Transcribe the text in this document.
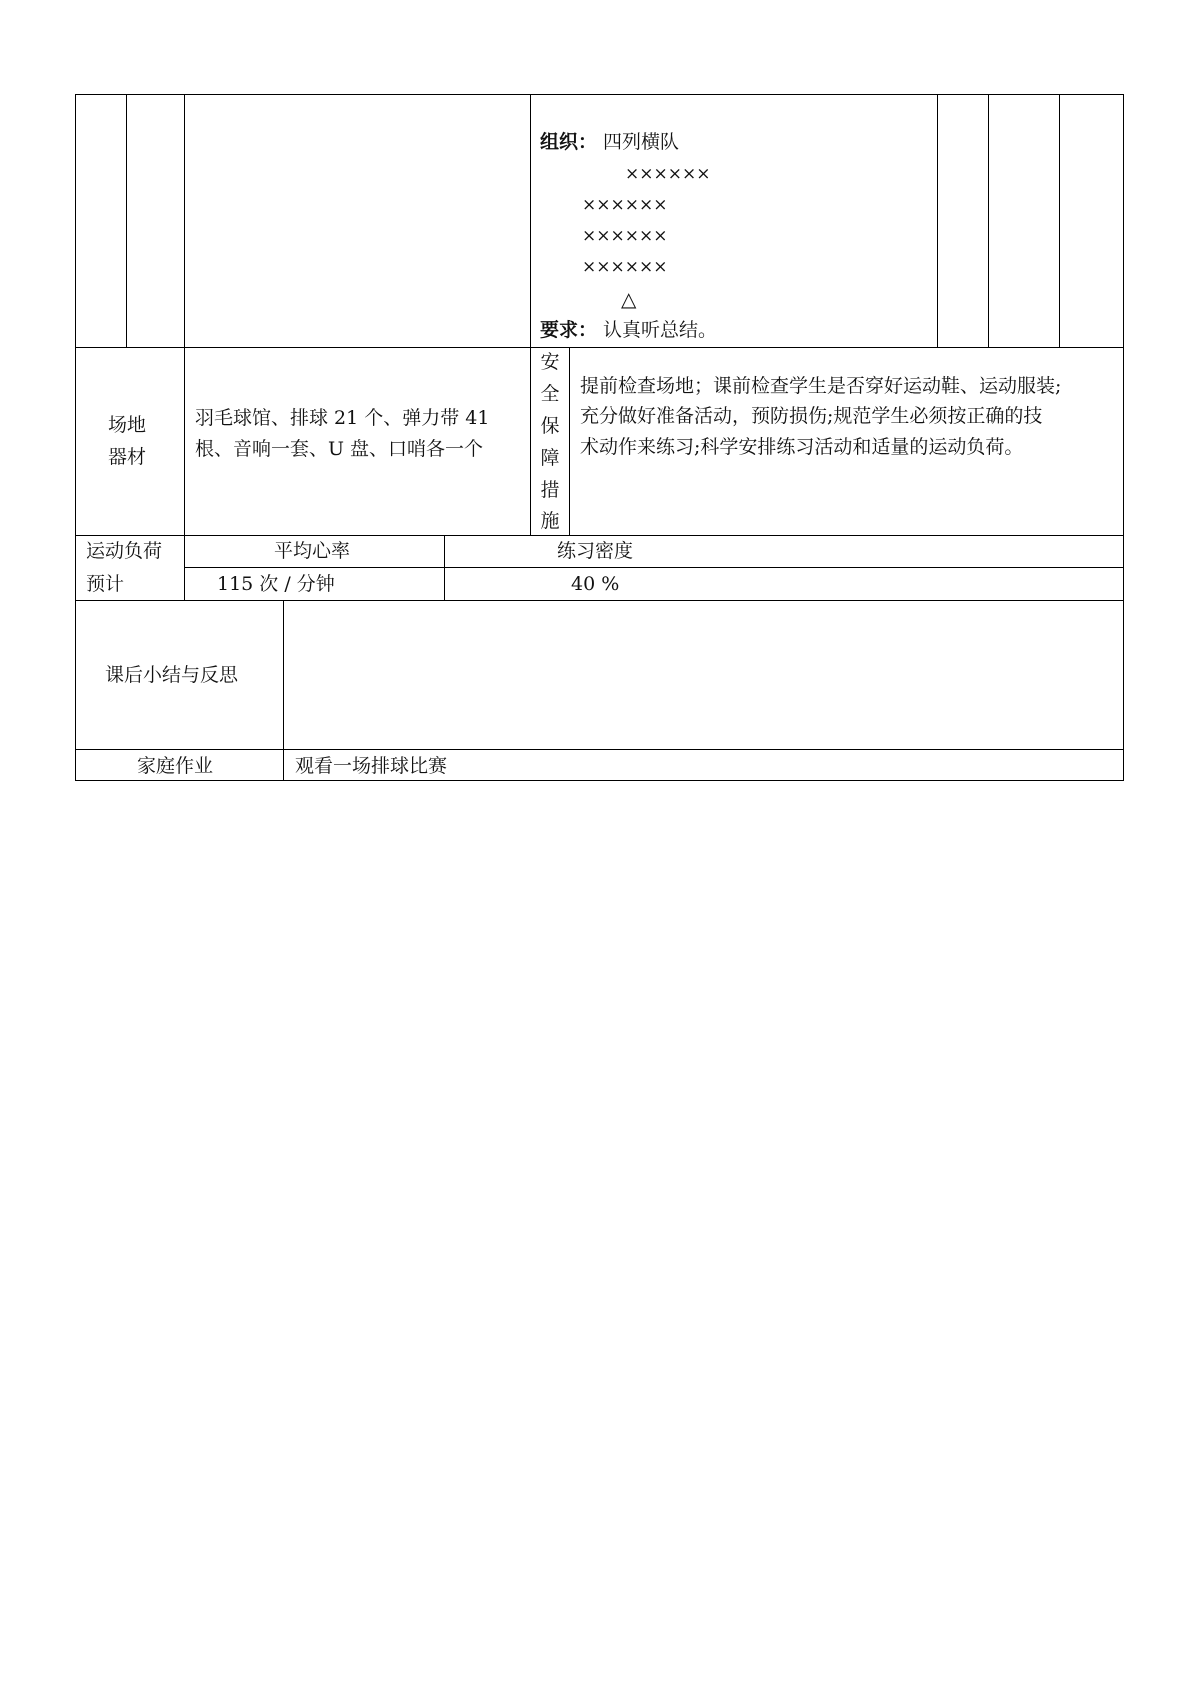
组织： 四列横队
××××××
××××××
××××××
××××××
△
要求： 认真听总结。
场地
器材
羽毛球馆、排球 21 个、弹力带 41
根、音响一套、U 盘、口哨各一个
安
全
保
障
措
施
提前检查场地；课前检查学生是否穿好运动鞋、运动服装;
充分做好准备活动，预防损伤;规范学生必须按正确的技
术动作来练习;科学安排练习活动和适量的运动负荷。
运动负荷
预计
平均心率
115 次 / 分钟
练习密度
40 %
课后小结与反思
家庭作业	观看一场排球比赛
